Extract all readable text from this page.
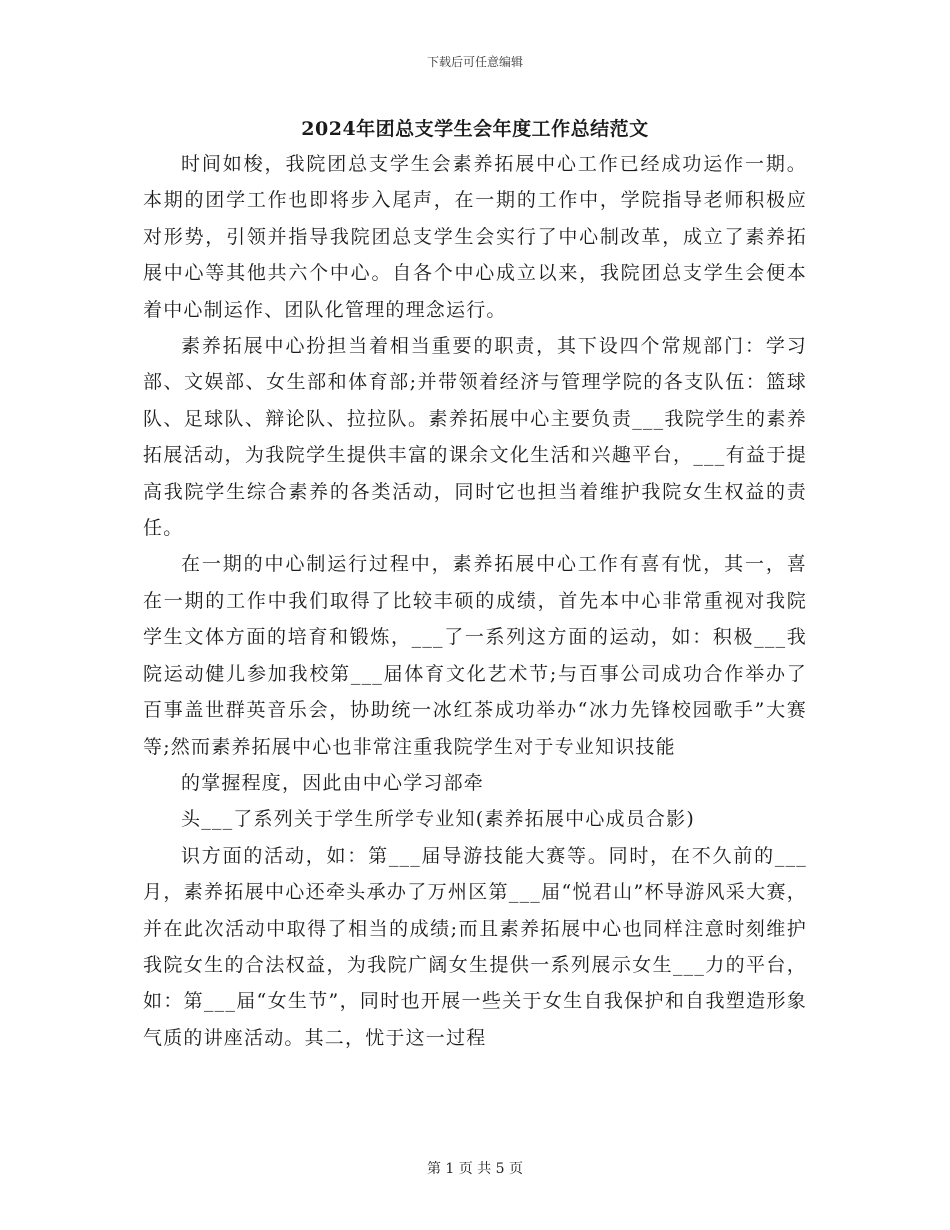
下载后可任意编辑
2024年团总支学生会年度工作总结范文

时间如梭，我院团总支学生会素养拓展中心工作已经成功运作一期。本期的团学工作也即将步入尾声，在一期的工作中，学院指导老师积极应对形势，引领并指导我院团总支学生会实行了中心制改革，成立了素养拓展中心等其他共六个中心。自各个中心成立以来，我院团总支学生会便本着中心制运作、团队化管理的理念运行。

素养拓展中心扮担当着相当重要的职责，其下设四个常规部门：学习部、文娱部、女生部和体育部;并带领着经济与管理学院的各支队伍：篮球队、足球队、辩论队、拉拉队。素养拓展中心主要负责___我院学生的素养拓展活动，为我院学生提供丰富的课余文化生活和兴趣平台，___有益于提高我院学生综合素养的各类活动，同时它也担当着维护我院女生权益的责任。

在一期的中心制运行过程中，素养拓展中心工作有喜有忧，其一，喜在一期的工作中我们取得了比较丰硕的成绩，首先本中心非常重视对我院学生文体方面的培育和锻炼，___了一系列这方面的运动，如：积极___我院运动健儿参加我校第___届体育文化艺术节;与百事公司成功合作举办了百事盖世群英音乐会，协助统一冰红茶成功举办“冰力先锋校园歌手”大赛等;然而素养拓展中心也非常注重我院学生对于专业知识技能

的掌握程度，因此由中心学习部牵

头___了系列关于学生所学专业知(素养拓展中心成员合影)

识方面的活动，如：第___届导游技能大赛等。同时，在不久前的___月，素养拓展中心还牵头承办了万州区第___届“悦君山”杯导游风采大赛，并在此次活动中取得了相当的成绩;而且素养拓展中心也同样注意时刻维护我院女生的合法权益，为我院广阔女生提供一系列展示女生___力的平台，如：第___届“女生节”，同时也开展一些关于女生自我保护和自我塑造形象气质的讲座活动。其二，忧于这一过程

第 1 页 共 5 页
